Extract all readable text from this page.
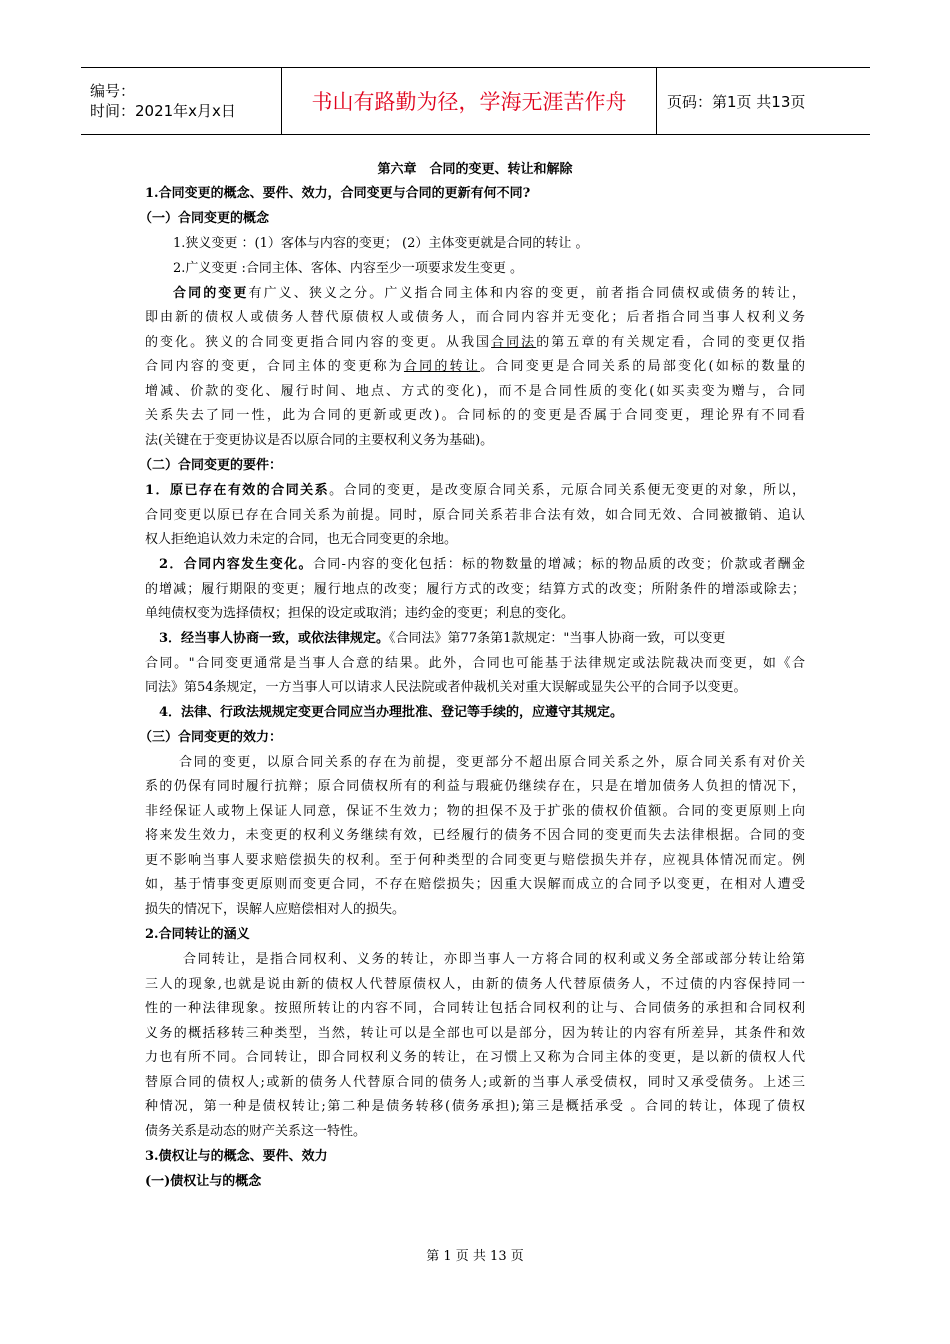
编号：
时间：2021年x月x日	书山有路勤为径，学海无涯苦作舟	页码：第1页 共13页
第六章　合同的变更、转让和解除
1.合同变更的概念、要件、效力，合同变更与合同的更新有何不同?
（一）合同变更的概念
1.狭义变更 ：(1）客体与内容的变更； (2）主体变更就是合同的转让 。
2.广义变更 :合同主体、客体、内容至少一项要求发生变更 。
合同的变更有广义、狭义之分。广义指合同主体和内容的变更，前者指合同债权或债务的转让，
即由新的债权人或债务人替代原债权人或债务人，而合同内容并无变化；后者指合同当事人权利义务
的变化。狭义的合同变更指合同内容的变更。从我国合同法的第五章的有关规定看，合同的变更仅指
合同内容的变更，合同主体的变更称为合同的转让。合同变更是合同关系的局部变化(如标的数量的
增减、价款的变化、履行时间、地点、方式的变化)，而不是合同性质的变化(如买卖变为赠与，合同
关系失去了同一性，此为合同的更新或更改)。合同标的的变更是否属于合同变更，理论界有不同看
法(关键在于变更协议是否以原合同的主要权利义务为基础)。
（二）合同变更的要件：
1．原已存在有效的合同关系。合同的变更，是改变原合同关系，元原合同关系便无变更的对象，所以，
合同变更以原已存在合同关系为前提。同时，原合同关系若非合法有效，如合同无效、合同被撤销、追认
权人拒绝追认效力未定的合同，也无合同变更的余地。
2．合同内容发生变化。合同-内容的变化包括：标的物数量的增减；标的物品质的改变；价款或者酬金
的增减；履行期限的变更；履行地点的改变；履行方式的改变；结算方式的改变；所附条件的增添或除去；
单纯债权变为选择债权；担保的设定或取消；违约金的变更；利息的变化。
3．经当事人协商一致，或依法律规定。《合同法》第77条第1款规定："当事人协商一致，可以变更
合同。"合同变更通常是当事人合意的结果。此外，合同也可能基于法律规定或法院裁决而变更，如《合
同法》第54条规定，一方当事人可以请求人民法院或者仲裁机关对重大误解或显失公平的合同予以变更。
4．法律、行政法规规定变更合同应当办理批准、登记等手续的，应遵守其规定。
（三）合同变更的效力：
合同的变更，以原合同关系的存在为前提，变更部分不超出原合同关系之外，原合同关系有对价关
系的仍保有同时履行抗辩；原合同债权所有的利益与瑕疵仍继续存在，只是在增加债务人负担的情况下，
非经保证人或物上保证人同意，保证不生效力；物的担保不及于扩张的债权价值额。合同的变更原则上向
将来发生效力，未变更的权利义务继续有效，已经履行的债务不因合同的变更而失去法律根据。合同的变
更不影响当事人要求赔偿损失的权利。至于何种类型的合同变更与赔偿损失并存，应视具体情况而定。例
如，基于情事变更原则而变更合同，不存在赔偿损失；因重大误解而成立的合同予以变更，在相对人遭受
损失的情况下，误解人应赔偿相对人的损失。
2.合同转让的涵义
合同转让，是指合同权利、义务的转让，亦即当事人一方将合同的权利或义务全部或部分转让给第
三人的现象,也就是说由新的债权人代替原债权人，由新的债务人代替原债务人，不过债的内容保持同一
性的一种法律现象。按照所转让的内容不同，合同转让包括合同权利的让与、合同债务的承担和合同权利
义务的概括移转三种类型，当然，转让可以是全部也可以是部分，因为转让的内容有所差异，其条件和效
力也有所不同。合同转让，即合同权利义务的转让，在习惯上又称为合同主体的变更，是以新的债权人代
替原合同的债权人;或新的债务人代替原合同的债务人;或新的当事人承受债权，同时又承受债务。上述三
种情况，第一种是债权转让;第二种是债务转移(债务承担);第三是概括承受 。合同的转让，体现了债权
债务关系是动态的财产关系这一特性。
3.债权让与的概念、要件、效力
(一)债权让与的概念
第 1 页 共 13 页
